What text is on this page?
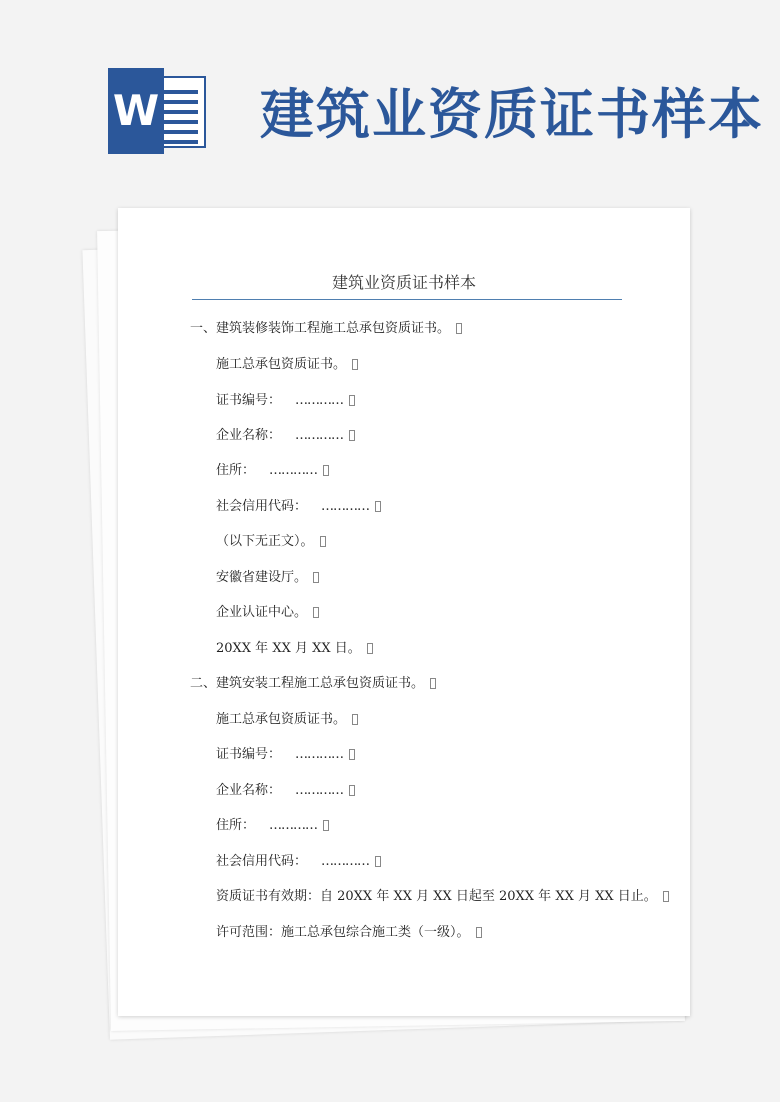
W 建筑业资质证书样本
建筑业资质证书样本
一、建筑装修装饰工程施工总承包资质证书。
施工总承包资质证书。
证书编号： …………
企业名称： …………
住所： …………
社会信用代码： …………
（以下无正文）。
安徽省建设厅。
企业认证中心。
20XX 年 XX 月 XX 日。
二、建筑安装工程施工总承包资质证书。
施工总承包资质证书。
证书编号： …………
企业名称： …………
住所： …………
社会信用代码： …………
资质证书有效期：自 20XX 年 XX 月 XX 日起至 20XX 年 XX 月 XX 日止。
许可范围：施工总承包综合施工类（一级）。
